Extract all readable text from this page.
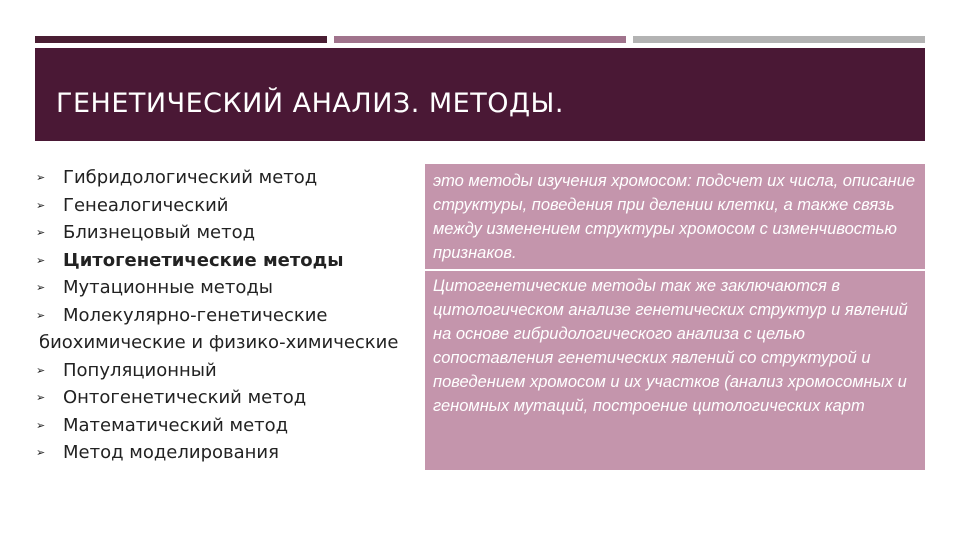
ГЕНЕТИЧЕСКИЙ АНАЛИЗ. МЕТОДЫ.
➢ Гибридологический метод
➢ Генеалогический
➢ Близнецовый метод
➢ Цитогенетические методы
➢ Мутационные методы
➢ Молекулярно-генетические
биохимические и физико-химические
➢ Популяционный
➢ Онтогенетический метод
➢ Математический метод
➢ Метод моделирования

это методы изучения хромосом: подсчет их числа, описание структуры, поведения при делении клетки, а также связь между изменением структуры хромосом с изменчивостью признаков.

Цитогенетические методы так же заключаются в цитологическом анализе генетических структур и явлений на основе гибридологического анализа с целью сопоставления генетических явлений со структурой и поведением хромосом и их участков (анализ хромосомных и геномных мутаций, построение цитологических карт
